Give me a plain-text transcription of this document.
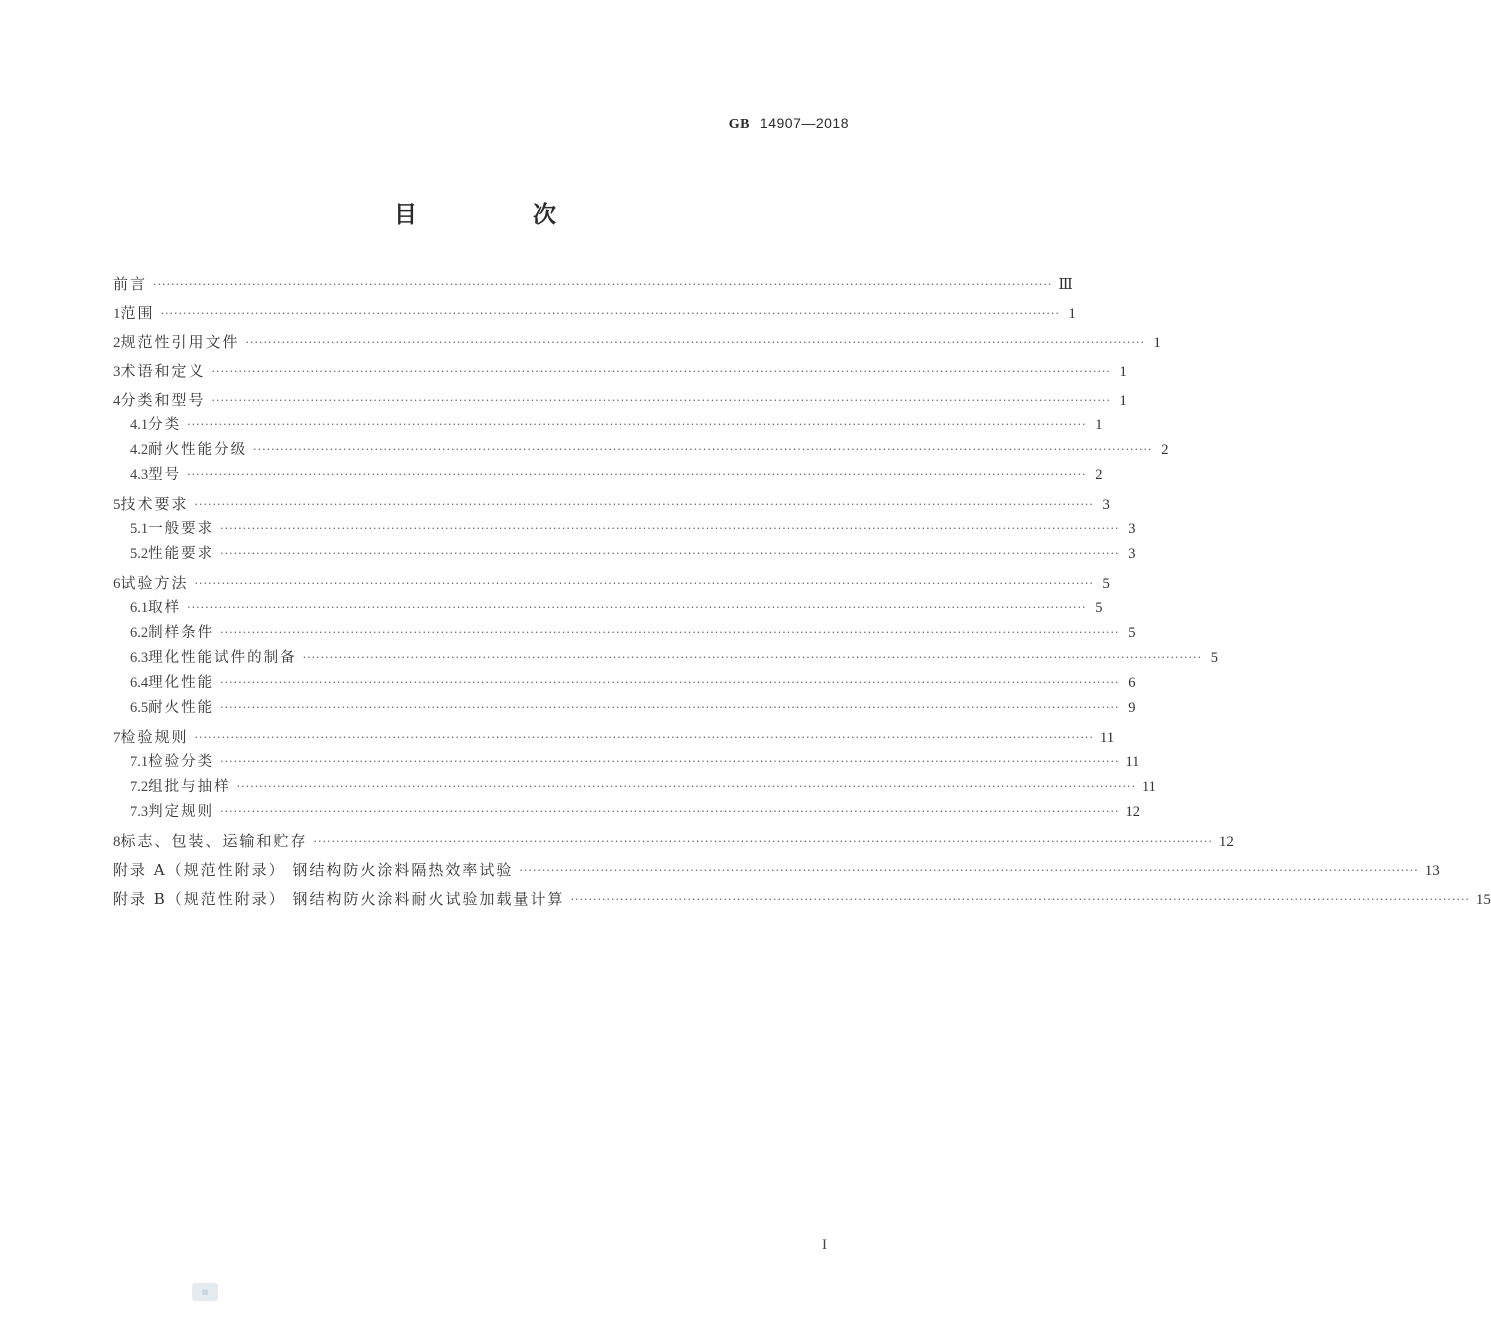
GB 14907—2018
目 次
前言 ········································································································································································································ Ⅲ
1 范围 ········································································································································································································ 1
2 规范性引用文件 ········································································································································································································ 1
3 术语和定义 ········································································································································································································ 1
4 分类和型号 ········································································································································································································ 1
4.1 分类 ········································································································································································································ 1
4.2 耐火性能分级 ········································································································································································································ 2
4.3 型号 ········································································································································································································ 2
5 技术要求 ········································································································································································································ 3
5.1 一般要求 ········································································································································································································ 3
5.2 性能要求 ········································································································································································································ 3
6 试验方法 ········································································································································································································ 5
6.1 取样 ········································································································································································································ 5
6.2 制样条件 ········································································································································································································ 5
6.3 理化性能试件的制备 ········································································································································································································ 5
6.4 理化性能 ········································································································································································································ 6
6.5 耐火性能 ········································································································································································································ 9
7 检验规则 ········································································································································································································ 11
7.1 检验分类 ········································································································································································································ 11
7.2 组批与抽样 ········································································································································································································ 11
7.3 判定规则 ········································································································································································································ 12
8 标志、包装、运输和贮存 ········································································································································································································ 12
附录 A（规范性附录） 钢结构防火涂料隔热效率试验 ········································································································································································································ 13
附录 B（规范性附录） 钢结构防火涂料耐火试验加载量计算 ········································································································································································································ 15
I
▦
